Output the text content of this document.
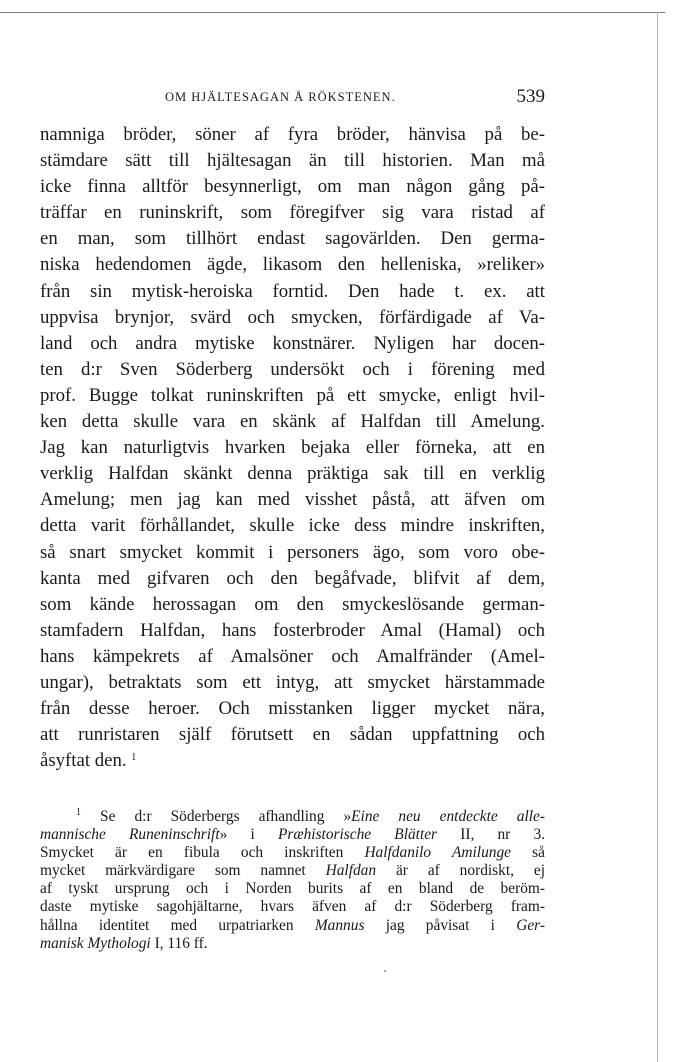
OM HJÄLTESAGAN Å RÖKSTENEN.	539
namniga bröder, söner af fyra bröder, hänvisa på be-
stämdare sätt till hjältesagan än till historien. Man må
icke finna alltför besynnerligt, om man någon gång på-
träffar en runinskrift, som föregifver sig vara ristad af
en man, som tillhört endast sagovärlden. Den germa-
niska hedendomen ägde, likasom den helleniska, »reliker»
från sin mytisk-heroiska forntid. Den hade t. ex. att
uppvisa brynjor, svärd och smycken, förfärdigade af Va-
land och andra mytiske konstnärer. Nyligen har docen-
ten d:r Sven Söderberg undersökt och i förening med
prof. Bugge tolkat runinskriften på ett smycke, enligt hvil-
ken detta skulle vara en skänk af Halfdan till Amelung.
Jag kan naturligtvis hvarken bejaka eller förneka, att en
verklig Halfdan skänkt denna präktiga sak till en verklig
Amelung; men jag kan med visshet påstå, att äfven om
detta varit förhållandet, skulle icke dess mindre inskriften,
så snart smycket kommit i personers ägo, som voro obe-
kanta med gifvaren och den begåfvade, blifvit af dem,
som kände herossagan om den smyckeslösande german-
stamfadern Halfdan, hans fosterbroder Amal (Hamal) och
hans kämpekrets af Amalsöner och Amalfränder (Amel-
ungar), betraktats som ett intyg, att smycket härstammade
från desse heroer. Och misstanken ligger mycket nära,
att runristaren själf förutsett en sådan uppfattning och
åsyftat den. $^1$
$^1$ Se d:r Söderbergs afhandling »Eine neu entdeckte alle-
mannische Runeninschrift» i Præhistorische Blätter II, nr 3.
Smycket är en fibula och inskriften Halfdanilo Amilunge så
mycket märkvärdigare som namnet Halfdan är af nordiskt, ej
af tyskt ursprung och i Norden burits af en bland de beröm-
daste mytiske sagohjältarne, hvars äfven af d:r Söderberg fram-
hållna identitet med urpatriarken Mannus jag påvisat i Ger-
manisk Mythologi I, 116 ff.
